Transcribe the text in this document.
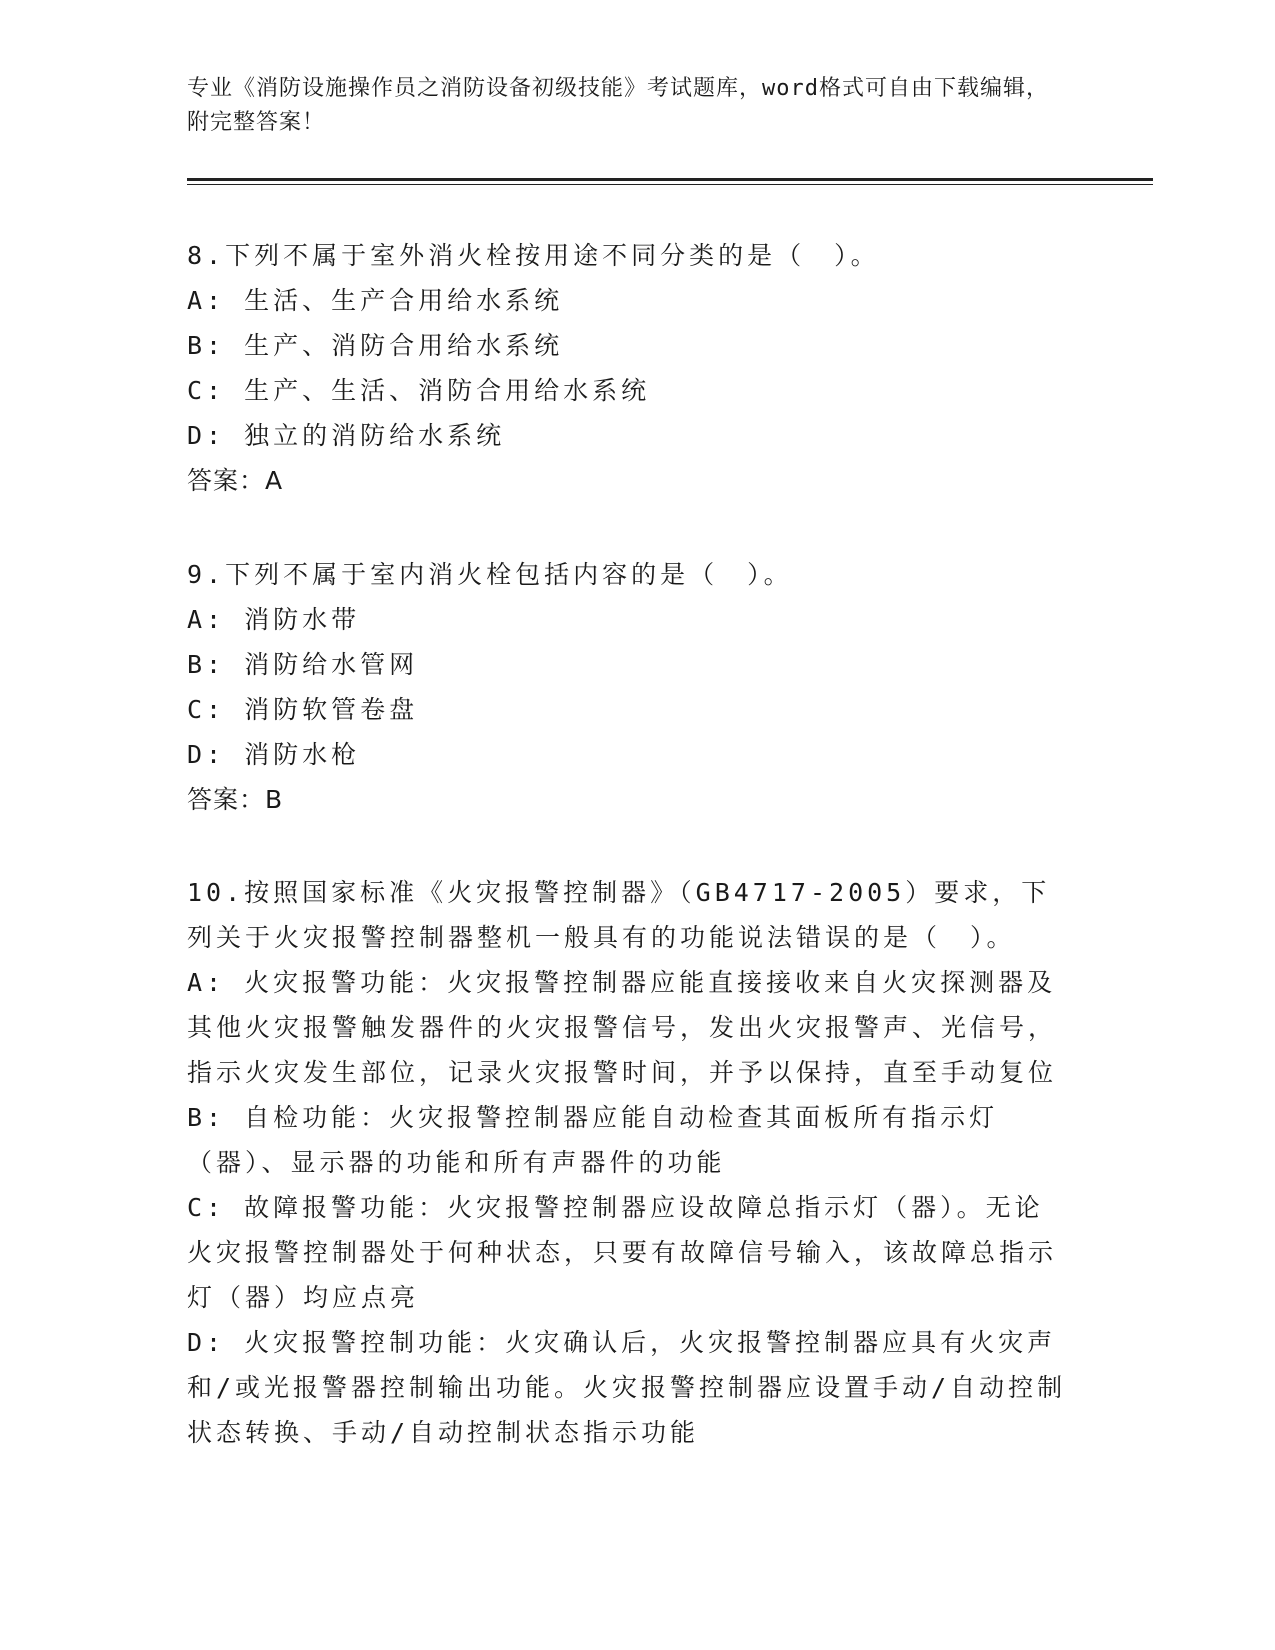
专业《消防设施操作员之消防设备初级技能》考试题库，word格式可自由下载编辑，附完整答案！
8.下列不属于室外消火栓按用途不同分类的是（　）。
A: 生活、生产合用给水系统
B: 生产、消防合用给水系统
C: 生产、生活、消防合用给水系统
D: 独立的消防给水系统
答案：A
9.下列不属于室内消火栓包括内容的是（　）。
A: 消防水带
B: 消防给水管网
C: 消防软管卷盘
D: 消防水枪
答案：B
10.按照国家标准《火灾报警控制器》（GB4717-2005）要求，下列关于火灾报警控制器整机一般具有的功能说法错误的是（　）。
A: 火灾报警功能：火灾报警控制器应能直接接收来自火灾探测器及其他火灾报警触发器件的火灾报警信号，发出火灾报警声、光信号，指示火灾发生部位，记录火灾报警时间，并予以保持，直至手动复位
B: 自检功能：火灾报警控制器应能自动检查其面板所有指示灯（器）、显示器的功能和所有声器件的功能
C: 故障报警功能：火灾报警控制器应设故障总指示灯（器）。无论火灾报警控制器处于何种状态，只要有故障信号输入，该故障总指示灯（器）均应点亮
D: 火灾报警控制功能：火灾确认后，火灾报警控制器应具有火灾声和/或光报警器控制输出功能。火灾报警控制器应设置手动/自动控制状态转换、手动/自动控制状态指示功能
